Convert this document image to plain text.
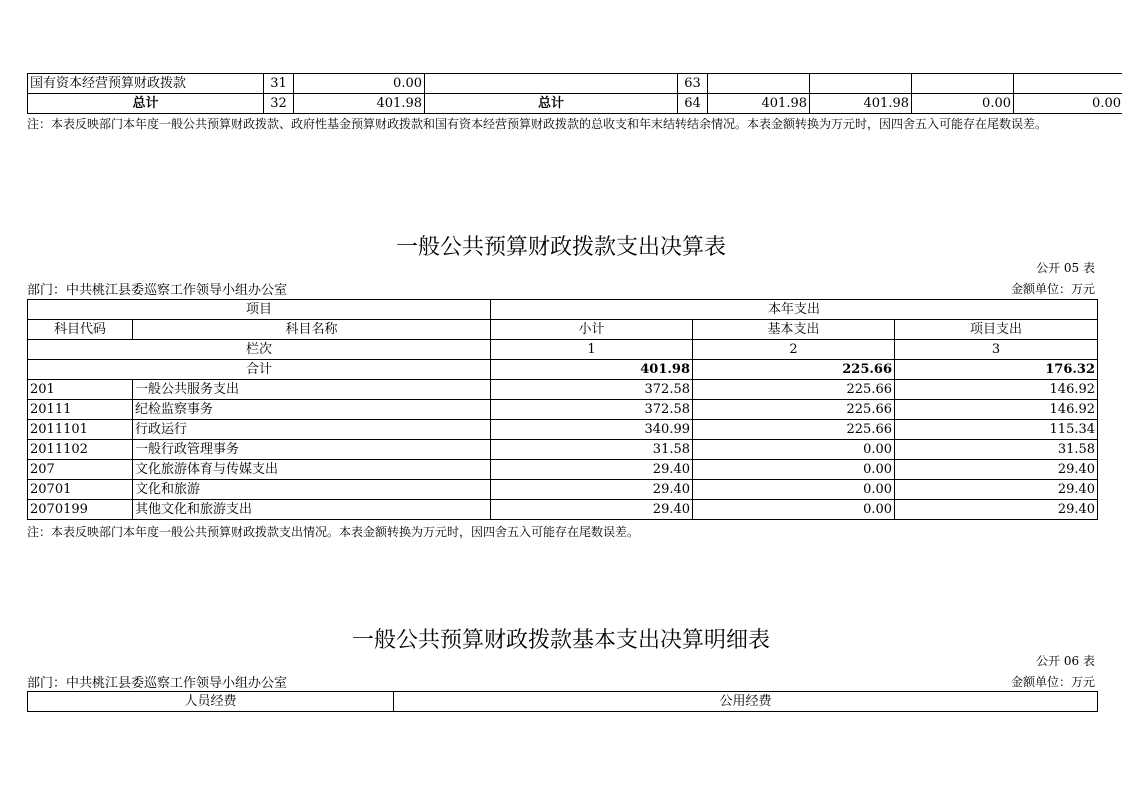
国有资本经营预算财政拨款	31	0.00		63				
总计	32	401.98	总计	64	401.98	401.98	0.00	0.00
注：本表反映部门本年度一般公共预算财政拨款、政府性基金预算财政拨款和国有资本经营预算财政拨款的总收支和年末结转结余情况。本表金额转换为万元时，因四舍五入可能存在尾数误差。
一般公共预算财政拨款支出决算表
公开 05 表
部门：中共桃江县委巡察工作领导小组办公室	金额单位：万元
项目		本年支出		
科目代码	科目名称	小计	基本支出	项目支出
栏次		1	2	3
合计		401.98	225.66	176.32
201	一般公共服务支出	372.58	225.66	146.92
20111	纪检监察事务	372.58	225.66	146.92
2011101	行政运行	340.99	225.66	115.34
2011102	一般行政管理事务	31.58	0.00	31.58
207	文化旅游体育与传媒支出	29.40	0.00	29.40
20701	文化和旅游	29.40	0.00	29.40
2070199	其他文化和旅游支出	29.40	0.00	29.40
注：本表反映部门本年度一般公共预算财政拨款支出情况。本表金额转换为万元时，因四舍五入可能存在尾数误差。
一般公共预算财政拨款基本支出决算明细表
公开 06 表
部门：中共桃江县委巡察工作领导小组办公室	金额单位：万元
人员经费	公用经费
